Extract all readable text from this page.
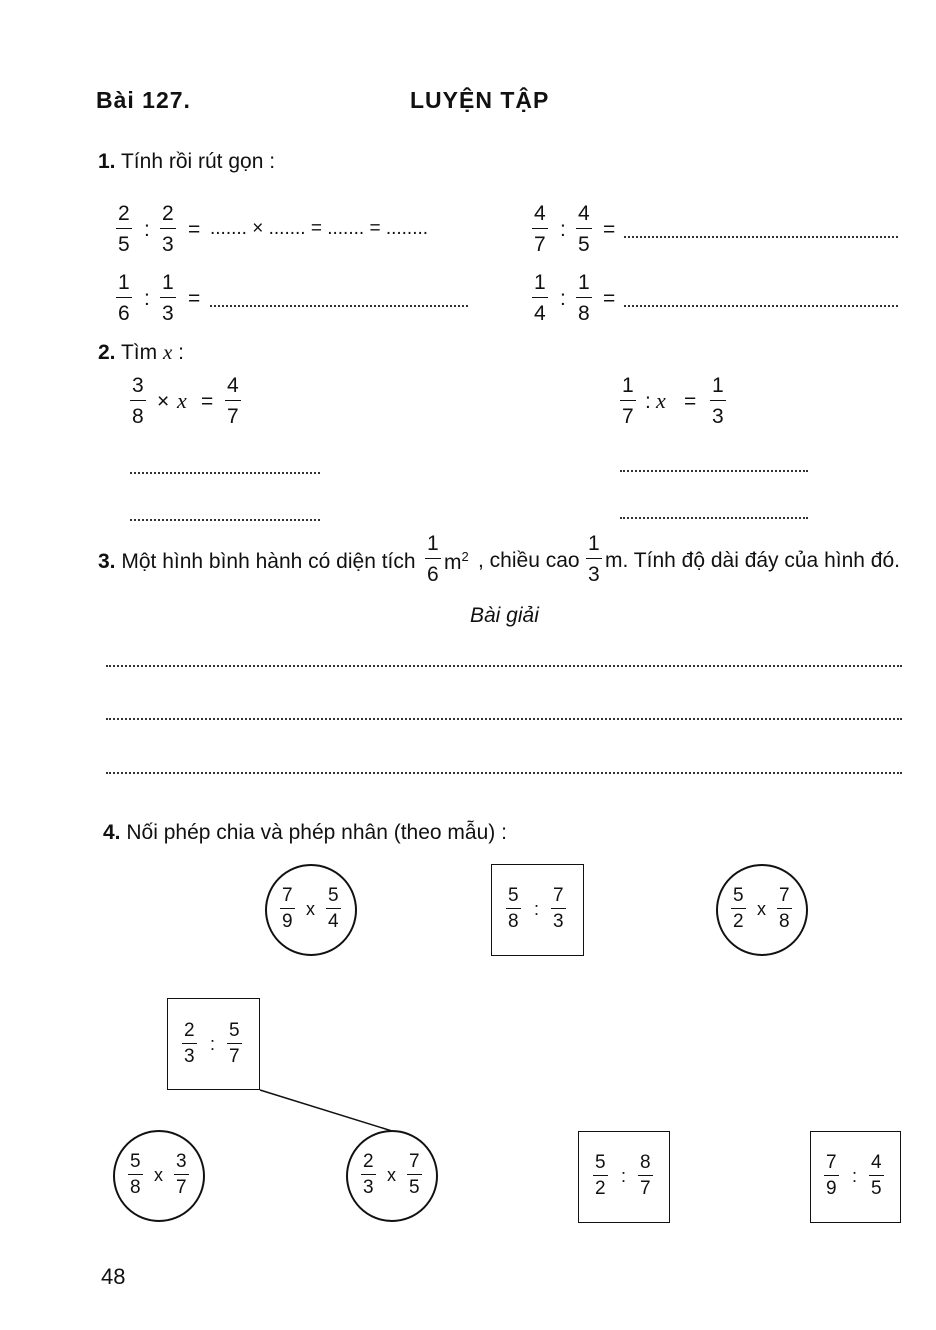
Bài 127.	LUYỆN TẬP
1. Tính rồi rút gọn :
2
5
:
2
3
= ....... × ....... = ....... = ........
4
7
:
4
5
=
1
6
:
1
3
=
1
4
:
1
8
=
2. Tìm x :
3
8
× x =
4
7
1
7
: x =
1
3
3. Một hình bình hành có diện tích
1
6
$m^2$ , chiều cao
1
3
m. Tính độ dài đáy của hình đó.
Bài giải
4. Nối phép chia và phép nhân (theo mẫu) :
7
9
x
5
4
5
8
:
7
3
5
2
x
7
8
2
3
:
5
7
5
8
x
3
7
2
3
x
7
5
5
2
:
8
7
7
9
:
4
5
48
